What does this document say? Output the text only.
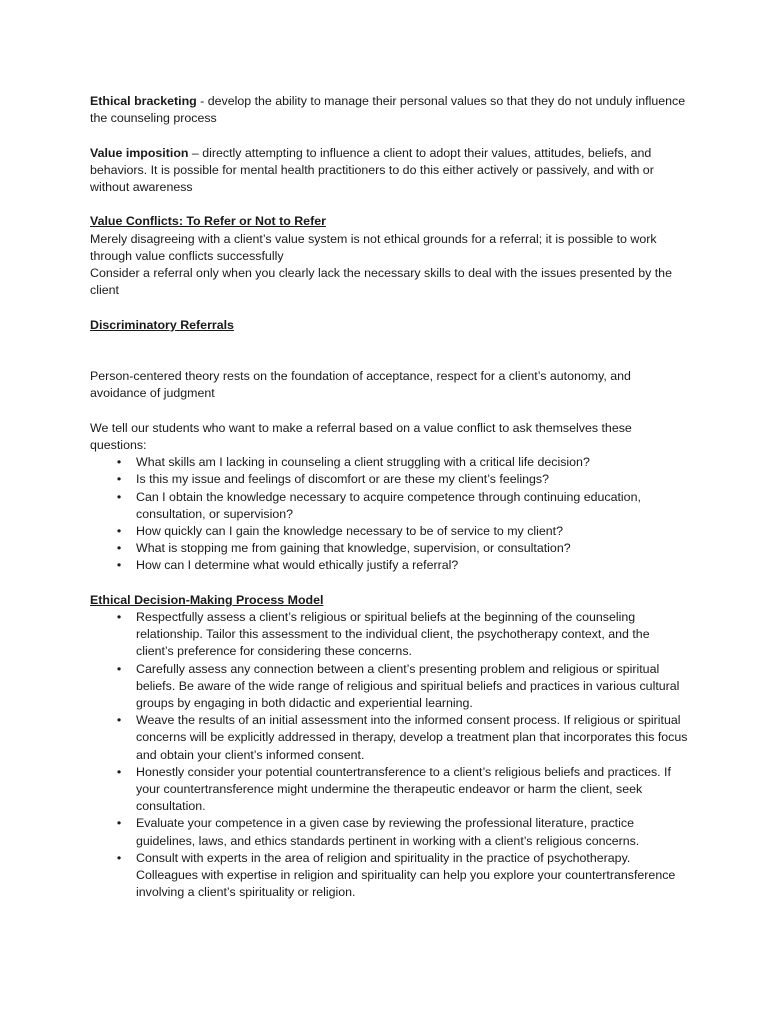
Ethical bracketing - develop the ability to manage their personal values so that they do not unduly influence the counseling process

Value imposition – directly attempting to influence a client to adopt their values, attitudes, beliefs, and behaviors. It is possible for mental health practitioners to do this either actively or passively, and with or without awareness

Value Conflicts: To Refer or Not to Refer

Merely disagreeing with a client’s value system is not ethical grounds for a referral; it is possible to work through value conflicts successfully

Consider a referral only when you clearly lack the necessary skills to deal with the issues presented by the client

Discriminatory Referrals

Person-centered theory rests on the foundation of acceptance, respect for a client’s autonomy, and avoidance of judgment

We tell our students who want to make a referral based on a value conflict to ask themselves these questions:

• What skills am I lacking in counseling a client struggling with a critical life decision?
• Is this my issue and feelings of discomfort or are these my client’s feelings?
• Can I obtain the knowledge necessary to acquire competence through continuing education, consultation, or supervision?
• How quickly can I gain the knowledge necessary to be of service to my client?
• What is stopping me from gaining that knowledge, supervision, or consultation?
• How can I determine what would ethically justify a referral?

Ethical Decision-Making Process Model

• Respectfully assess a client’s religious or spiritual beliefs at the beginning of the counseling relationship. Tailor this assessment to the individual client, the psychotherapy context, and the client’s preference for considering these concerns.
• Carefully assess any connection between a client’s presenting problem and religious or spiritual beliefs. Be aware of the wide range of religious and spiritual beliefs and practices in various cultural groups by engaging in both didactic and experiential learning.
• Weave the results of an initial assessment into the informed consent process. If religious or spiritual concerns will be explicitly addressed in therapy, develop a treatment plan that incorporates this focus and obtain your client’s informed consent.
• Honestly consider your potential countertransference to a client’s religious beliefs and practices. If your countertransference might undermine the therapeutic endeavor or harm the client, seek consultation.
• Evaluate your competence in a given case by reviewing the professional literature, practice guidelines, laws, and ethics standards pertinent in working with a client’s religious concerns.
• Consult with experts in the area of religion and spirituality in the practice of psychotherapy. Colleagues with expertise in religion and spirituality can help you explore your countertransference involving a client’s spirituality or religion.
